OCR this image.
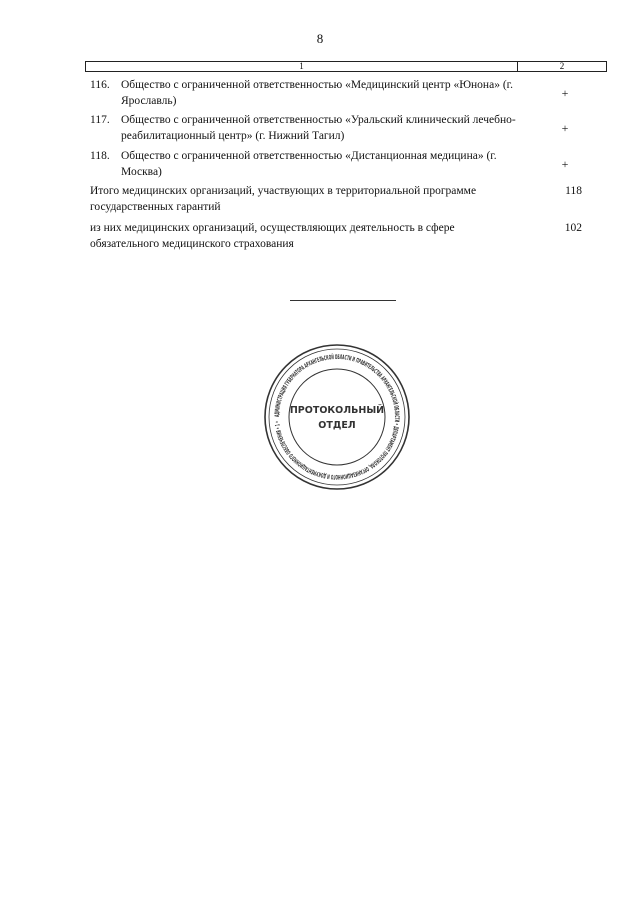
8
1	2
116. Общество с ограниченной ответственностью «Медицинский центр «Юнона» (г. Ярославль)
+
117. Общество с ограниченной ответственностью «Уральский клинический лечебно-реабилитационный центр» (г. Нижний Тагил)
+
118. Общество с ограниченной ответственностью «Дистанционная медицина» (г. Москва)
+
Итого медицинских организаций, участвующих в территориальной программе государственных гарантий
118
из них медицинских организаций, осуществляющих деятельность в сфере обязательного медицинского страхования
102
АДМИНИСТРАЦИЯ ГУБЕРНАТОРА АРХАНГЕЛЬСКОЙ ОБЛАСТИ И ПРАВИТЕЛЬСТВА АРХАНГЕЛЬСКОЙ ОБЛАСТИ • ДЕПАРТАМЕНТ ПРОТОКОЛА, ОРГАНИЗАЦИОННОГО И ДОКУМЕНТАЦИОННОГО ОБЕСПЕЧЕНИЯ • 1 •
ПРОТОКОЛЬНЫЙ
ОТДЕЛ
